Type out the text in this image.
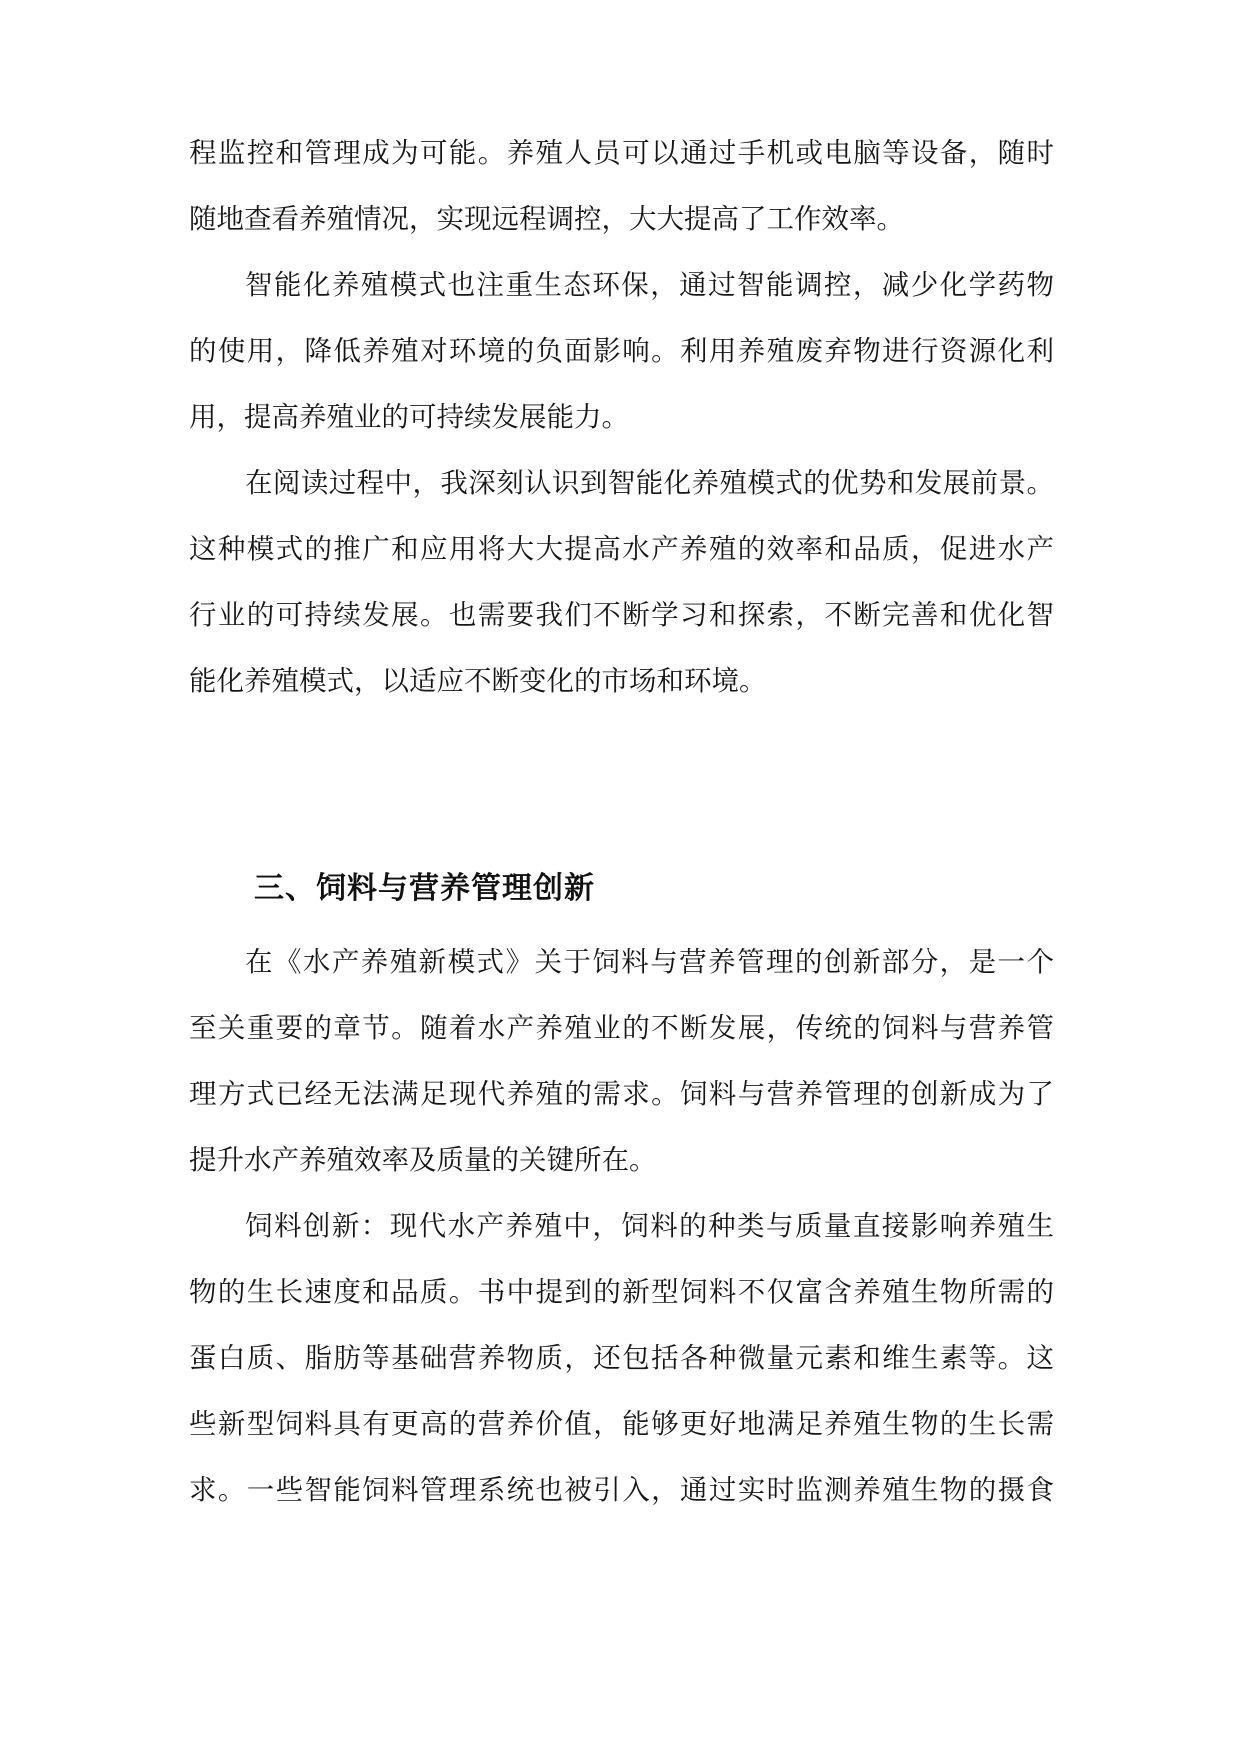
程监控和管理成为可能。养殖人员可以通过手机或电脑等设备，随时

随地查看养殖情况，实现远程调控，大大提高了工作效率。

智能化养殖模式也注重生态环保，通过智能调控，减少化学药物

的使用，降低养殖对环境的负面影响。利用养殖废弃物进行资源化利

用，提高养殖业的可持续发展能力。

在阅读过程中，我深刻认识到智能化养殖模式的优势和发展前景。

这种模式的推广和应用将大大提高水产养殖的效率和品质，促进水产

行业的可持续发展。也需要我们不断学习和探索，不断完善和优化智

能化养殖模式，以适应不断变化的市场和环境。

三、饲料与营养管理创新

在《水产养殖新模式》关于饲料与营养管理的创新部分，是一个

至关重要的章节。随着水产养殖业的不断发展，传统的饲料与营养管

理方式已经无法满足现代养殖的需求。饲料与营养管理的创新成为了

提升水产养殖效率及质量的关键所在。

饲料创新：现代水产养殖中，饲料的种类与质量直接影响养殖生

物的生长速度和品质。书中提到的新型饲料不仅富含养殖生物所需的

蛋白质、脂肪等基础营养物质，还包括各种微量元素和维生素等。这

些新型饲料具有更高的营养价值，能够更好地满足养殖生物的生长需

求。一些智能饲料管理系统也被引入，通过实时监测养殖生物的摄食
